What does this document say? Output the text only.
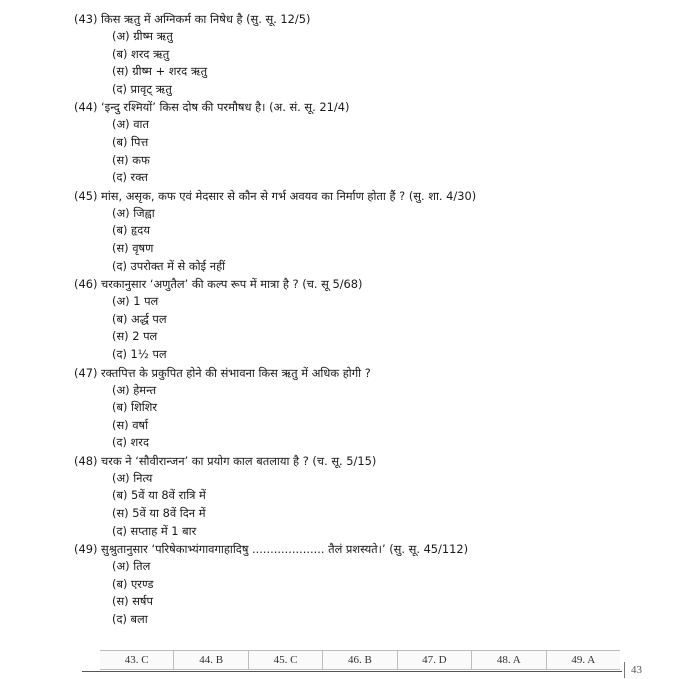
(43) किस ऋतु में अग्निकर्म का निषेध है (सु. सू. 12/5)
(अ) ग्रीष्म ऋतु
(ब) शरद ऋतु
(स) ग्रीष्म + शरद ऋतु
(द) प्रावृट् ऋतु
(44) ‘इन्दु रश्मियों’ किस दोष की परमौषध है। (अ. सं. सू. 21/4)
(अ) वात
(ब) पित्त
(स) कफ
(द) रक्त
(45) मांस, असृक, कफ एवं मेदसार से कौन से गर्भ अवयव का निर्माण होता हैं ? (सु. शा. 4/30)
(अ) जिह्वा
(ब) हृदय
(स) वृषण
(द) उपरोक्त में से कोई नहीं
(46) चरकानुसार ‘अणुतैल’ की कल्प रूप में मात्रा है ? (च. सू 5/68)
(अ) 1 पल
(ब) अर्द्ध पल
(स) 2 पल
(द) 1½ पल
(47) रक्तपित्त के प्रकुपित होने की संभावना किस ऋतु में अधिक होगी ?
(अ) हेमन्त
(ब) शिशिर
(स) वर्षा
(द) शरद
(48) चरक ने ‘सौवीरान्जन’ का प्रयोग काल बतलाया है ? (च. सू. 5/15)
(अ) नित्य
(ब) 5वें या 8वें रात्रि में
(स) 5वें या 8वें दिन में
(द) सप्ताह में 1 बार
(49) सुश्रुतानुसार ‘परिषेकाभ्यंगावगाहादिषु .................... तैलं प्रशस्यते।’ (सु. सू. 45/112)
(अ) तिल
(ब) एरण्ड
(स) सर्षप
(द) बला
43. C	44. B	45. C	46. B	47. D	48. A	49. A
43
